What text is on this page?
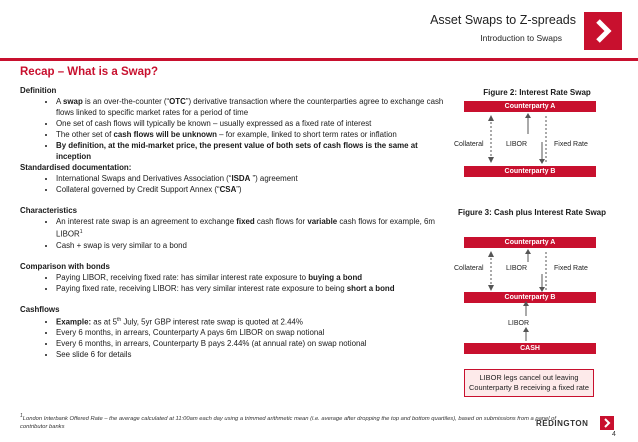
Asset Swaps to Z-spreads
Introduction to Swaps
Recap – What is a Swap?
Definition
• A swap is an over-the-counter (“OTC”) derivative transaction where the counterparties agree to exchange cash flows linked to specific market rates for a period of time
• One set of cash flows will typically be known – usually expressed as a fixed rate of interest
• The other set of cash flows will be unknown – for example, linked to short term rates or inflation
• By definition, at the mid-market price, the present value of both sets of cash flows is the same at inception
Standardised documentation:
• International Swaps and Derivatives Association (“ISDA ”) agreement
• Collateral governed by Credit Support Annex (“CSA”)
Characteristics
• An interest rate swap is an agreement to exchange fixed cash flows for variable cash flows for example, 6m LIBOR$^1$
• Cash + swap is very similar to a bond
Comparison with bonds
• Paying LIBOR, receiving fixed rate: has similar interest rate exposure to buying a bond
• Paying fixed rate, receiving LIBOR: has very similar interest rate exposure to being short a bond
Cashflows
• Example: as at 5th July, 5yr GBP interest rate swap is quoted at 2.44%
• Every 6 months, in arrears, Counterparty A pays 6m LIBOR on swap notional
• Every 6 months, in arrears, Counterparty B pays 2.44% (at annual rate) on swap notional
• See slide 6 for details
Figure 2: Interest Rate Swap
Counterparty A
Collateral	LIBOR	Fixed Rate
Counterparty B
Figure 3: Cash plus Interest Rate Swap
Counterparty A
Collateral	LIBOR	Fixed Rate
Counterparty B
LIBOR
CASH
LIBOR legs cancel out leaving Counterparty B receiving a fixed rate
$^1$London Interbank Offered Rate – the average calculated at 11:00am each day using a trimmed arithmetic mean (i.e. average after dropping the top and bottom quartiles), based on submissions from a panel of contributor banks	REDINGTON
4
